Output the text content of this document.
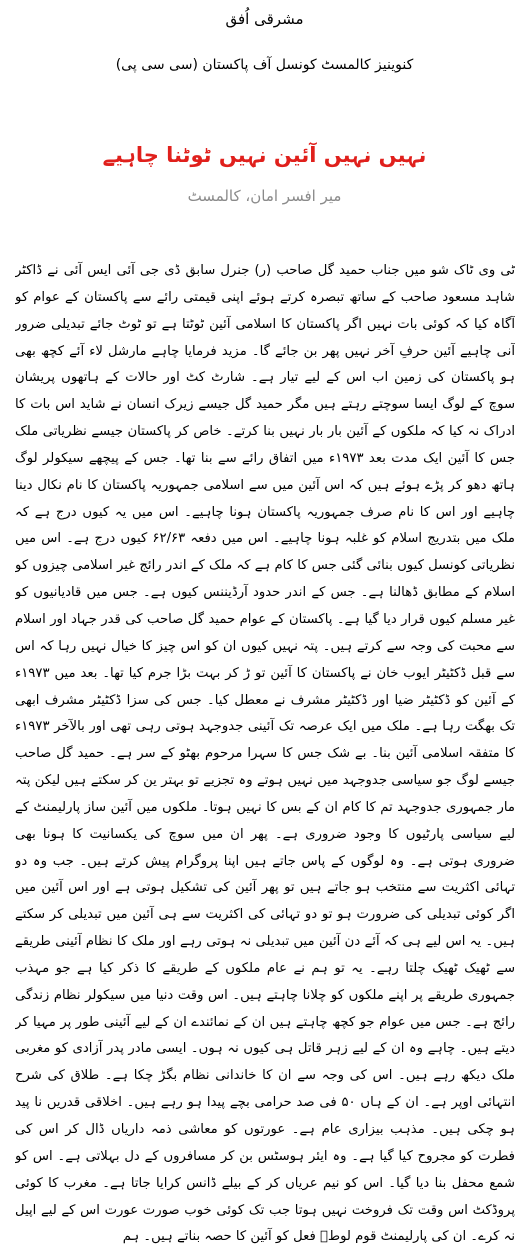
مشرقی اُفق
کنوینیز کالمسٹ کونسل آف پاکستان (سی سی پی)
نہیں نہیں آئین نہیں ٹوٹنا چاہیے
میر افسر امان، کالمسٹ

ٹی وی ٹاک شو میں جناب حمید گل صاحب (ر) جنرل سابق ڈی جی آئی ایس آئی نے ڈاکٹر شاہد مسعود صاحب کے ساتھ تبصرہ کرتے ہوئے اپنی قیمتی رائے سے پاکستان کے عوام کو آگاہ کیا کہ کوئی بات نہیں اگر پاکستان کا اسلامی آئین ٹوٹتا ہے تو ٹوٹ جائے تبدیلی ضرور آنی چاہیے آئین حرفِ آخر نہیں پھر بن جائے گا۔ مزید فرمایا چاہے مارشل لاء آئے کچھ بھی ہو پاکستان کی زمین اب اس کے لیے تیار ہے۔ شارٹ کٹ اور حالات کے ہاتھوں پریشان سوچ کے لوگ ایسا سوچتے رہتے ہیں مگر حمید گل جیسے زیرک انسان نے شاید اس بات کا ادراک نہ کیا کہ ملکوں کے آئین بار بار نہیں بنا کرتے۔ خاص کر پاکستان جیسے نظریاتی ملک جس کا آئین ایک مدت بعد ۱۹۷۳ء میں اتفاق رائے سے بنا تھا۔ جس کے پیچھے سیکولر لوگ ہاتھ دھو کر پڑے ہوئے ہیں کہ اس آئین میں سے اسلامی جمہوریہ پاکستان کا نام نکال دینا چاہیے اور اس کا نام صرف جمہوریہ پاکستان ہونا چاہیے۔ اس میں یہ کیوں درج ہے کہ ملک میں بتدریج اسلام کو غلبہ ہونا چاہیے۔ اس میں دفعہ ۶۲/۶۳ کیوں درج ہے۔ اس میں نظریاتی کونسل کیوں بنائی گئی جس کا کام ہے کہ ملک کے اندر رائج غیر اسلامی چیزوں کو اسلام کے مطابق ڈھالنا ہے۔ جس کے اندر حدود آرڈیننس کیوں ہے۔ جس میں قادیانیوں کو غیر مسلم کیوں قرار دیا گیا ہے۔ پاکستان کے عوام حمید گل صاحب کی قدر جہاد اور اسلام سے محبت کی وجہ سے کرتے ہیں۔ پتہ نہیں کیوں ان کو اس چیز کا خیال نہیں رہا کہ اس سے قبل ڈکٹیٹر ایوب خان نے پاکستان کا آئین تو ڑ کر بہت بڑا جرم کیا تھا۔ بعد میں ۱۹۷۳ء کے آئین کو ڈکٹیٹر ضیا اور ڈکٹیٹر مشرف نے معطل کیا۔ جس کی سزا ڈکٹیٹر مشرف ابھی تک بھگت رہا ہے۔ ملک میں ایک عرصہ تک آئینی جدوجہد ہوتی رہی تھی اور بالآخر ۱۹۷۳ء کا متفقہ اسلامی آئین بنا۔ بے شک جس کا سہرا مرحوم بھٹو کے سر ہے۔ حمید گل صاحب جیسے لوگ جو سیاسی جدوجہد میں نہیں ہوتے وہ تجزیے تو بہتر ین کر سکتے ہیں لیکن پتہ مار جمہوری جدوجہد تم کا کام ان کے بس کا نہیں ہوتا۔ ملکوں میں آئین ساز پارلیمنٹ کے لیے سیاسی پارٹیوں کا وجود ضروری ہے۔ پھر ان میں سوچ کی یکسانیت کا ہونا بھی ضروری ہوتی ہے۔ وہ لوگوں کے پاس جاتے ہیں اپنا پروگرام پیش کرتے ہیں۔ جب وہ دو تہائی اکثریت سے منتخب ہو جاتے ہیں تو پھر آئین کی تشکیل ہوتی ہے اور اس آئین میں اگر کوئی تبدیلی کی ضرورت ہو تو دو تہائی کی اکثریت سے ہی آئین میں تبدیلی کر سکتے ہیں۔ یہ اس لیے ہی کہ آئے دن آئین میں تبدیلی نہ ہوتی رہے اور ملک کا نظام آئینی طریقے سے ٹھیک ٹھیک چلتا رہے۔ یہ تو ہم نے عام ملکوں کے طریقے کا ذکر کیا ہے جو مہذب جمہوری طریقے پر اپنے ملکوں کو چلانا چاہتے ہیں۔ اس وقت دنیا میں سیکولر نظام زندگی رائج ہے۔ جس میں عوام جو کچھ چاہتے ہیں ان کے نمائندے ان کے لیے آئینی طور پر مہیا کر دیتے ہیں۔ چاہے وہ ان کے لیے زہر قاتل ہی کیوں نہ ہوں۔ ایسی مادر پدر آزادی کو مغربی ملک دیکھ رہے ہیں۔ اس کی وجہ سے ان کا خاندانی نظام بگڑ چکا ہے۔ طلاق کی شرح انتہائی اوپر ہے۔ ان کے ہاں ۵۰ فی صد حرامی بچے پیدا ہو رہے ہیں۔ اخلاقی قدریں نا پید ہو چکی ہیں۔ مذہب بیزاری عام ہے۔ عورتوں کو معاشی ذمہ داریاں ڈال کر اس کی فطرت کو مجروح کیا گیا ہے۔ وہ ایئر ہوسٹس بن کر مسافروں کے دل بہلاتی ہے۔ اس کو شمع محفل بنا دیا گیا۔ اس کو نیم عریاں کر کے بیلے ڈانس کرایا جاتا ہے۔ مغرب کا کوئی پروڈکٹ اس وقت تک فروخت نہیں ہوتا جب تک کوئی خوب صورت عورت اس کے لیے اپیل نہ کرے۔ ان کی پارلیمنٹ قوم لوطؑ فعل کو آئین کا حصہ بناتے ہیں۔ ہم
